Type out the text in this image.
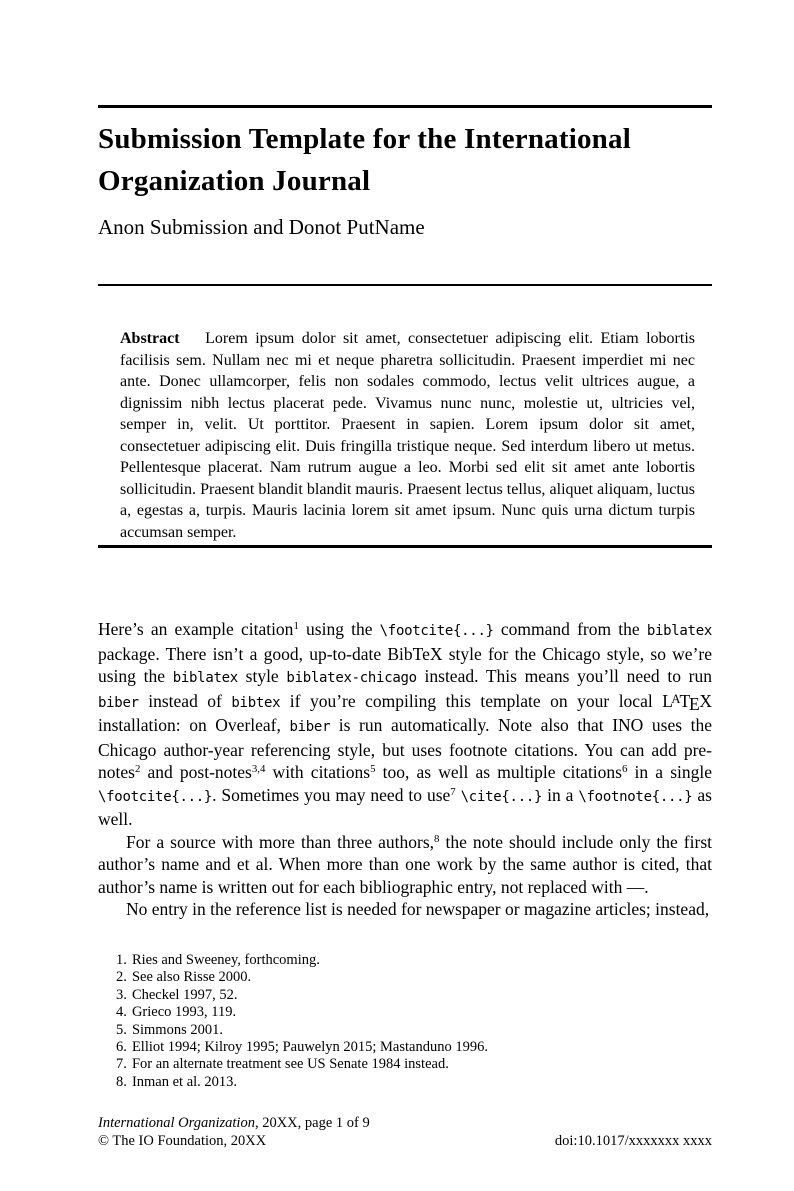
Submission Template for the International Organization Journal
Anon Submission and Donot PutName
Abstract Lorem ipsum dolor sit amet, consectetuer adipiscing elit. Etiam lobortis facilisis sem. Nullam nec mi et neque pharetra sollicitudin. Praesent imperdiet mi nec ante. Donec ullamcorper, felis non sodales commodo, lectus velit ultrices augue, a dignissim nibh lectus placerat pede. Vivamus nunc nunc, molestie ut, ultricies vel, semper in, velit. Ut porttitor. Praesent in sapien. Lorem ipsum dolor sit amet, consectetuer adipiscing elit. Duis fringilla tristique neque. Sed interdum libero ut metus. Pellentesque placerat. Nam rutrum augue a leo. Morbi sed elit sit amet ante lobortis sollicitudin. Praesent blandit blandit mauris. Praesent lectus tellus, aliquet aliquam, luctus a, egestas a, turpis. Mauris lacinia lorem sit amet ipsum. Nunc quis urna dictum turpis accumsan semper.

Here’s an example citation$^1$ using the \footcite{...} command from the biblatex package. There isn’t a good, up-to-date BibTeX style for the Chicago style, so we’re using the biblatex style biblatex-chicago instead. This means you’ll need to run biber instead of bibtex if you’re compiling this template on your local LATEX installation: on Overleaf, biber is run automatically. Note also that INO uses the Chicago author-year referencing style, but uses footnote citations. You can add pre-notes$^2$ and post-notes$^{3,4}$ with citations$^5$ too, as well as multiple citations$^6$ in a single \footcite{...}. Sometimes you may need to use$^7$ \cite{...} in a \footnote{...} as well.

For a source with more than three authors,$^8$ the note should include only the first author’s name and et al. When more than one work by the same author is cited, that author’s name is written out for each bibliographic entry, not replaced with —.

No entry in the reference list is needed for newspaper or magazine articles; instead,

1. Ries and Sweeney, forthcoming.
2. See also Risse 2000.
3. Checkel 1997, 52.
4. Grieco 1993, 119.
5. Simmons 2001.
6. Elliot 1994; Kilroy 1995; Pauwelyn 2015; Mastanduno 1996.
7. For an alternate treatment see US Senate 1984 instead.
8. Inman et al. 2013.
International Organization, 20XX, page 1 of 9
© The IO Foundation, 20XX	doi:10.1017/xxxxxxx xxxx
